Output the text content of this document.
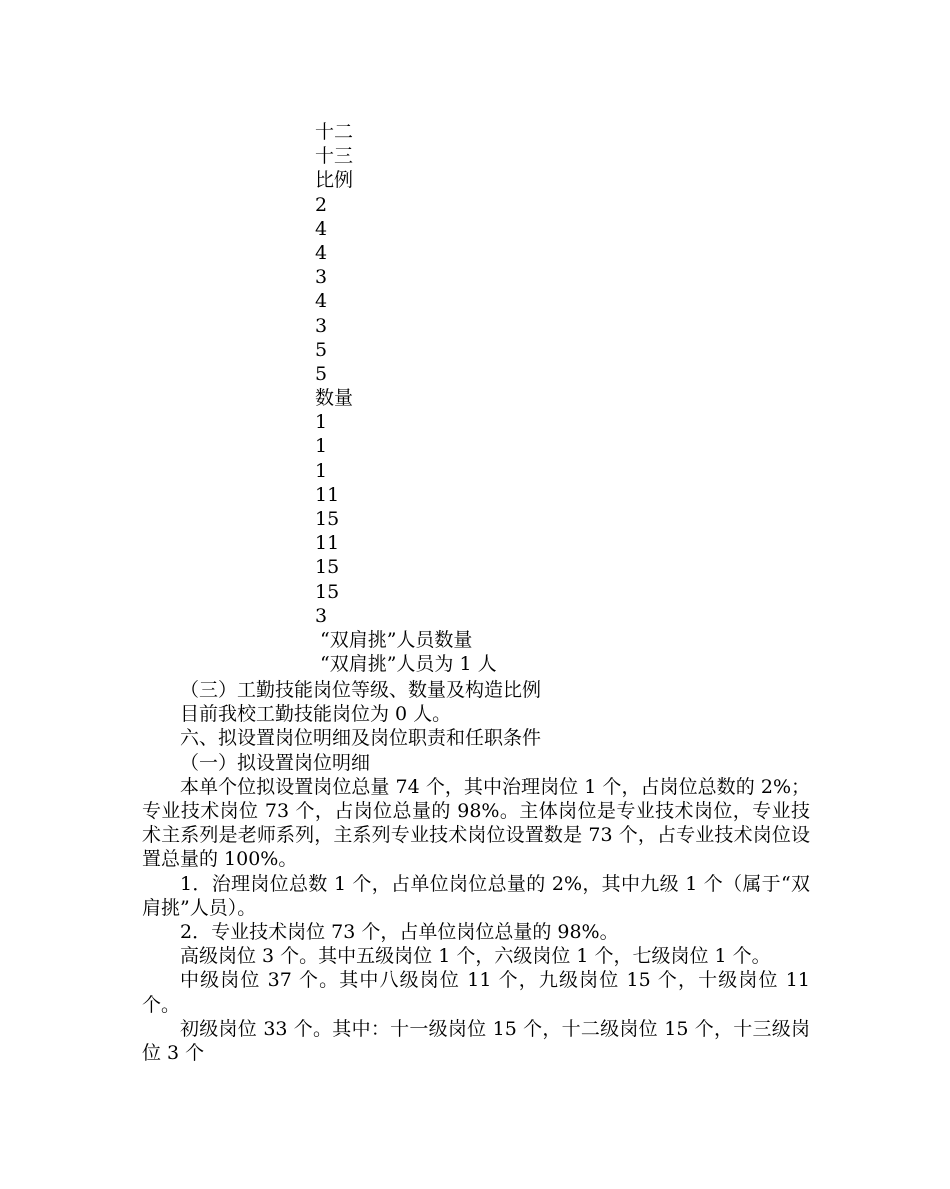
十二
十三
比例
2
4
4
3
4
3
5
5
数量
1
1
1
11
15
11
15
15
3
“双肩挑”人员数量
“双肩挑”人员为 1 人

（三）工勤技能岗位等级、数量及构造比例

目前我校工勤技能岗位为 0 人。

六、拟设置岗位明细及岗位职责和任职条件

（一）拟设置岗位明细

本单个位拟设置岗位总量 74 个，其中治理岗位 1 个，占岗位总数的 2%；专业技术岗位 73 个，占岗位总量的 98%。主体岗位是专业技术岗位，专业技术主系列是老师系列，主系列专业技术岗位设置数是 73 个，占专业技术岗位设置总量的 100%。

1．治理岗位总数 1 个，占单位岗位总量的 2%，其中九级 1 个（属于“双肩挑”人员）。

2．专业技术岗位 73 个，占单位岗位总量的 98%。

高级岗位 3 个。其中五级岗位 1 个，六级岗位 1 个，七级岗位 1 个。

中级岗位 37 个。其中八级岗位 11 个，九级岗位 15 个，十级岗位 11 个。

初级岗位 33 个。其中：十一级岗位 15 个，十二级岗位 15 个，十三级岗位 3 个
